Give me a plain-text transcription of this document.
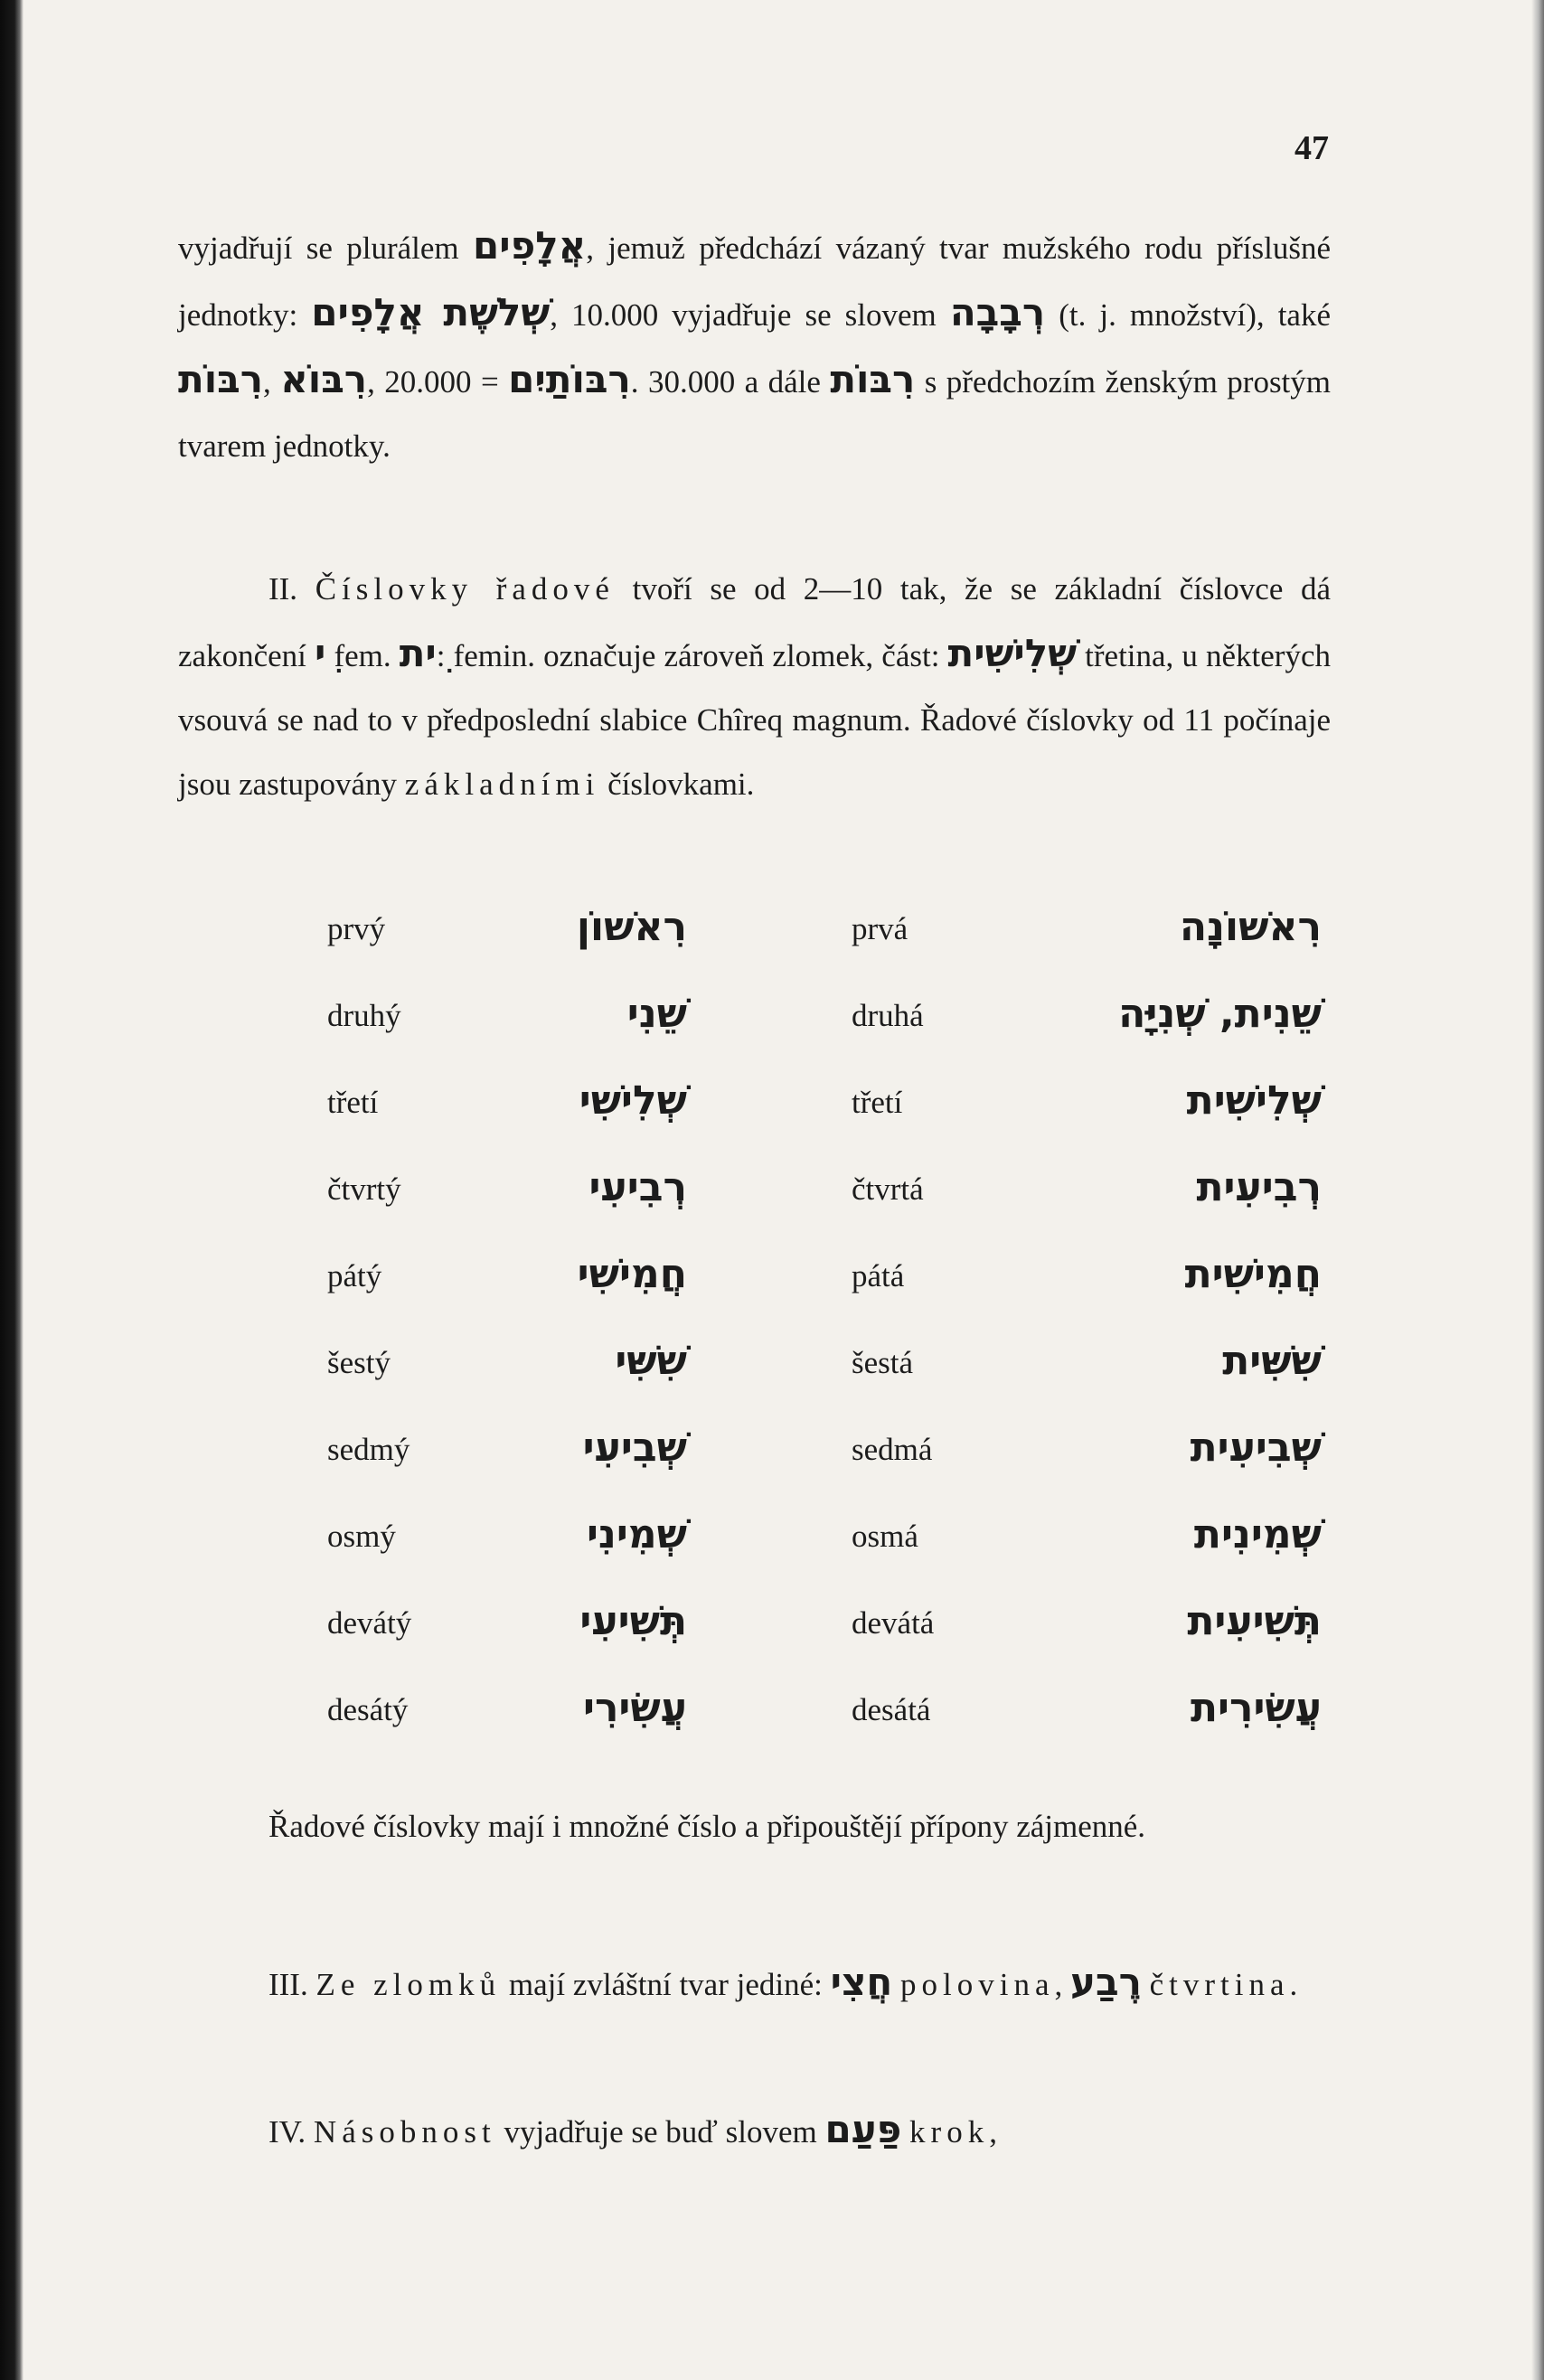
47
vyjadřují se plurálem אֲלָפִים, jemuž předchází vázaný tvar mužského rodu příslušné jednotky: שְׁלֹשֶׁת אֲלָפִים, 10.000 vyjadřuje se slovem רְבָבָה (t. j. množství), také רִבּוֹת, רִבּוֹא, 20.000 = רִבּוֹתַיִם. 30.000 a dále רִבּוֹת s předchozím ženským prostým tvarem jednotky.
II. Číslovky řadové tvoří se od 2—10 tak, že se základní číslovce dá zakončení ִי fem. ִית: femin. označuje zároveň zlomek, část: שְׁלִישִׁית třetina, u některých vsouvá se nad to v předposlední slabice Chîreq magnum. Řadové číslovky od 11 počínaje jsou zastupovány základními číslovkami.
prvý	רִאשׁוֹן	prvá	רִאשׁוֹנָה
druhý	שֵׁנִי	druhá	שֵׁנִית, שְׁנִיָּה
třetí	שְׁלִישִׁי	třetí	שְׁלִישִׁית
čtvrtý	רְבִיעִי	čtvrtá	רְבִיעִית
pátý	חֲמִישִׁי	pátá	חֲמִישִׁית
šestý	שִׁשִּׁי	šestá	שִׁשִּׁית
sedmý	שְׁבִיעִי	sedmá	שְׁבִיעִית
osmý	שְׁמִינִי	osmá	שְׁמִינִית
devátý	תְּשִׁיעִי	devátá	תְּשִׁיעִית
desátý	עֲשִׂירִי	desátá	עֲשִׂירִית
Řadové číslovky mají i množné číslo a připouštějí přípony zájmenné.
III. Ze zlomků mají zvláštní tvar jediné: חֲצִי polovina, רֶבַע čtvrtina.
IV. Násobnost vyjadřuje se buď slovem פַּעַם krok,
